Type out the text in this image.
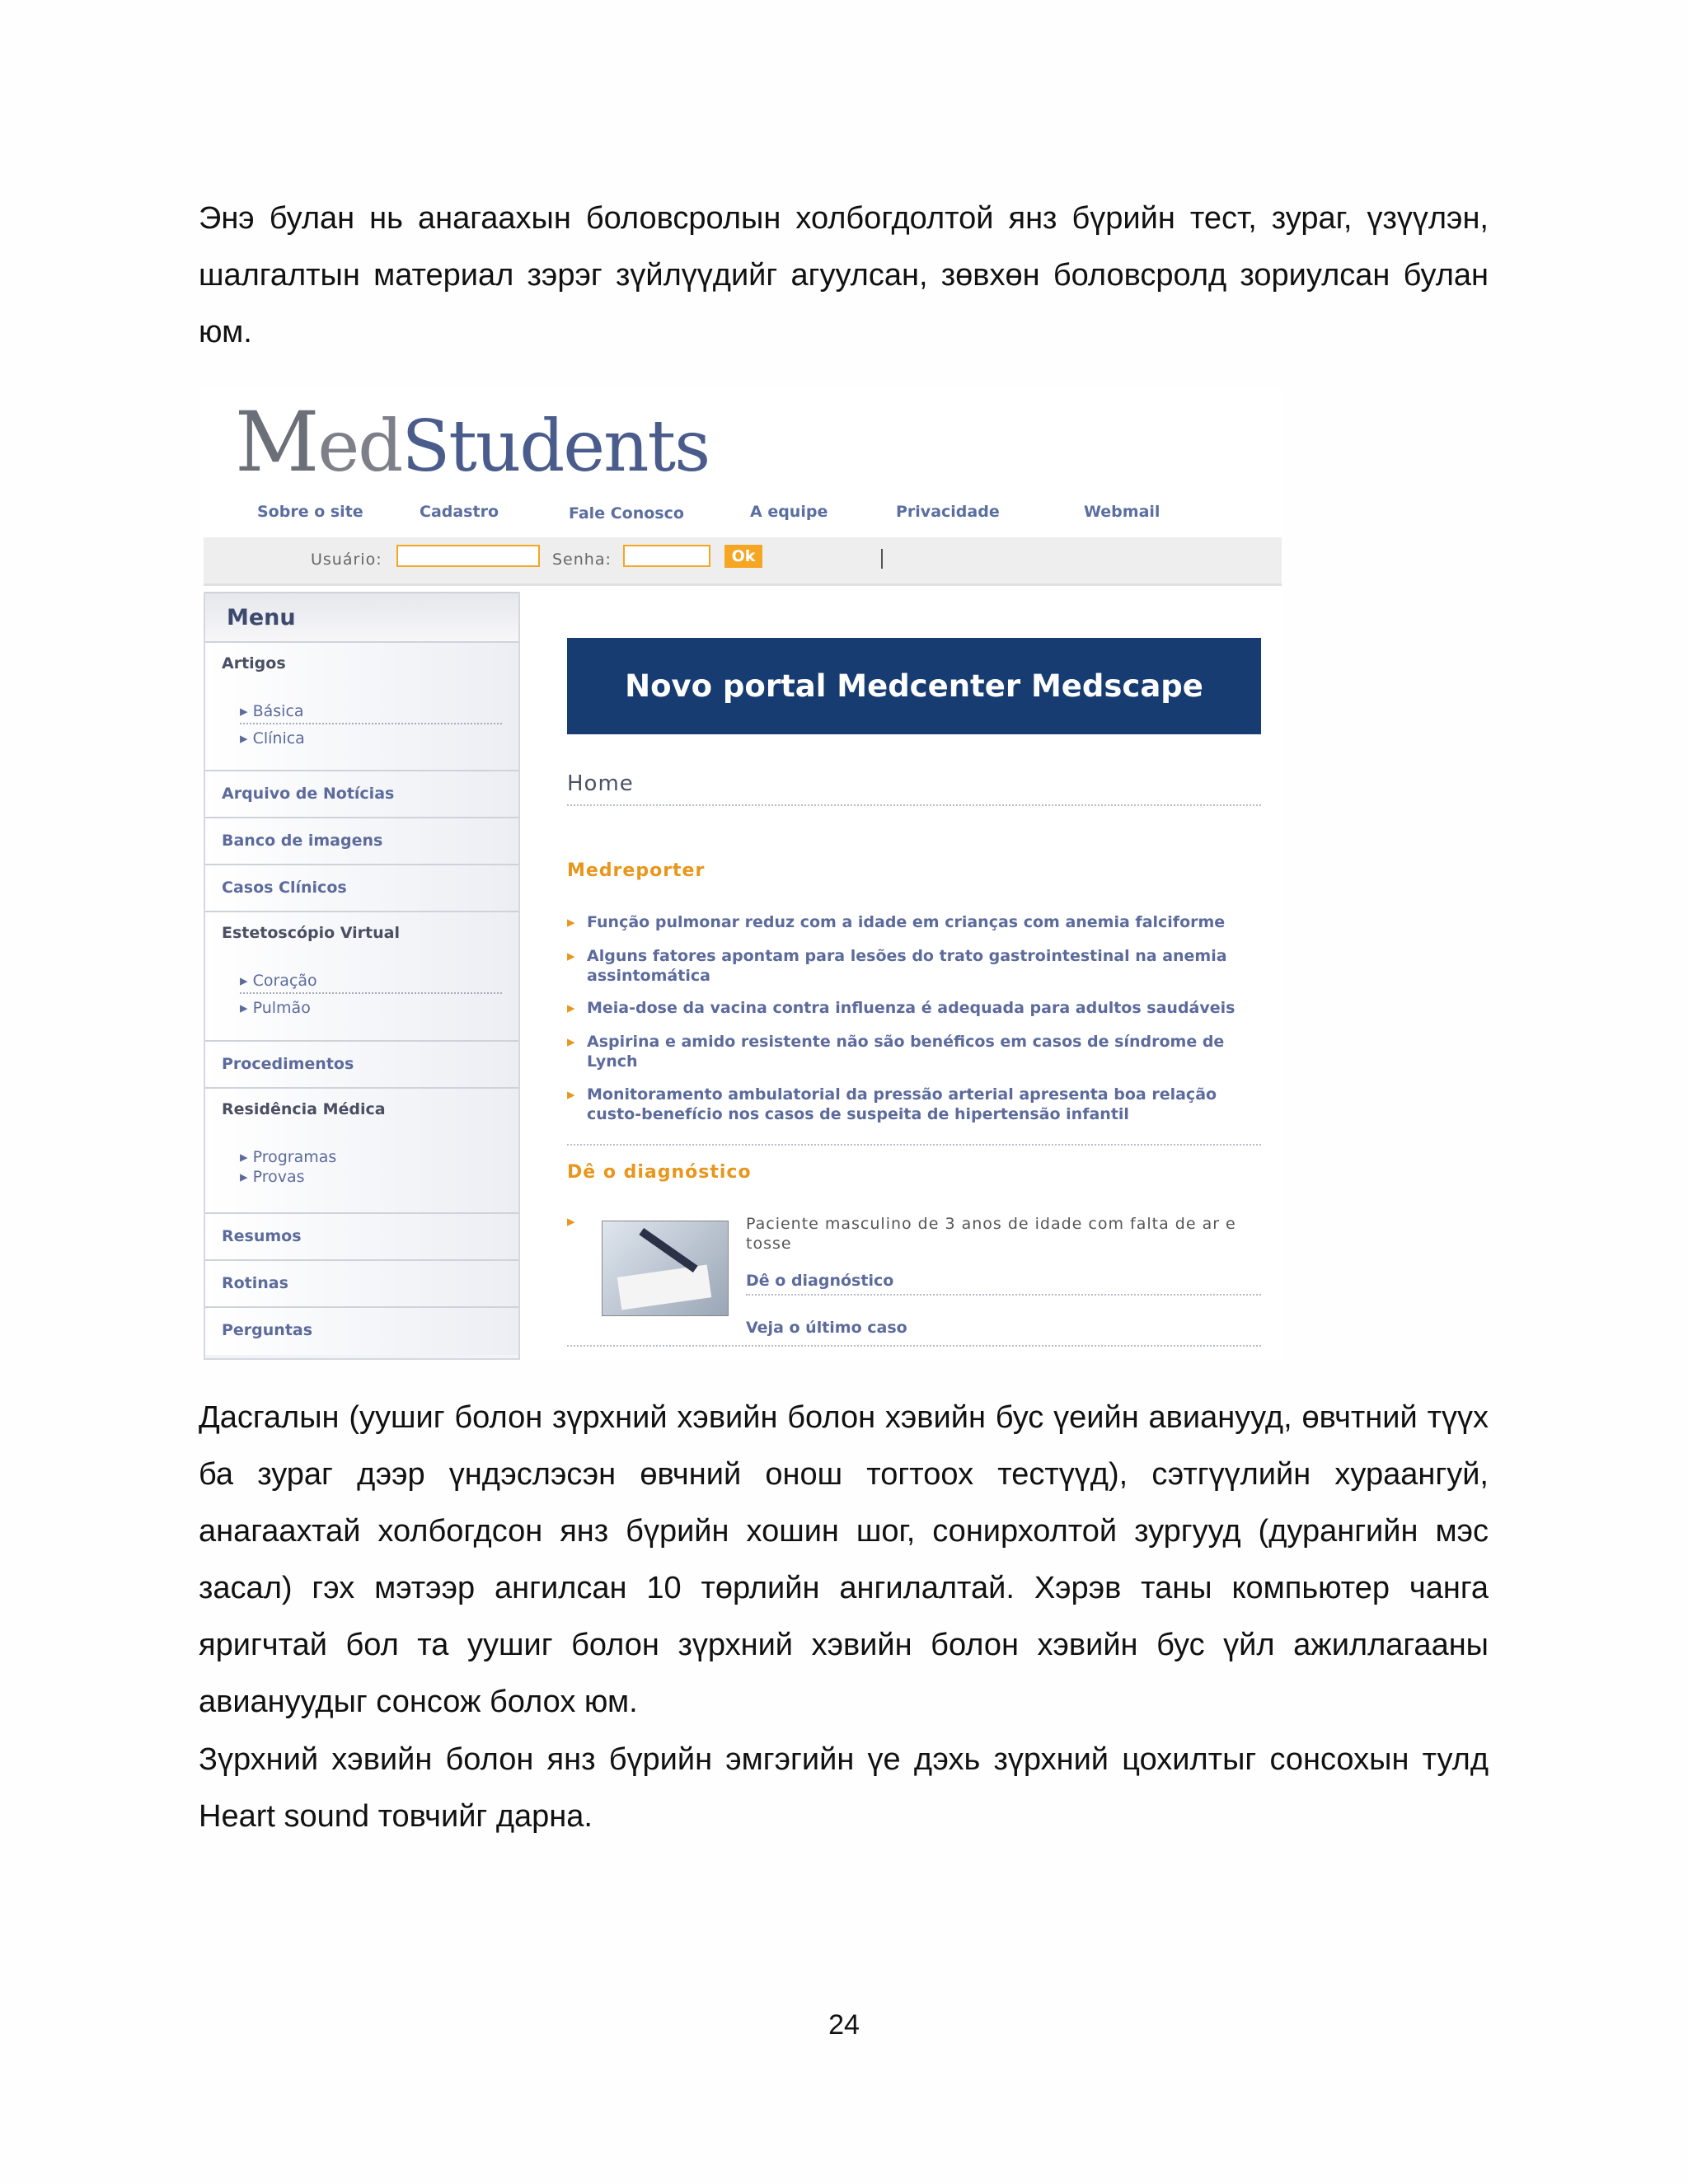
Энэ булан нь анагаахын боловсролын холбогдолтой янз бүрийн тест, зураг, үзүүлэн, шалгалтын материал зэрэг зүйлүүдийг агуулсан, зөвхөн боловсролд зориулсан булан юм.
MedStudents
Sobre o site	Cadastro	Fale Conosco	A equipe	Privacidade	Webmail
Usuário:	Senha:	Ok
Menu
Artigos
▸ Básica
▸ Clínica
Arquivo de Notícias
Banco de imagens
Casos Clínicos
Estetoscópio Virtual
▸ Coração
▸ Pulmão
Procedimentos
Residência Médica
▸ Programas
▸ Provas
Resumos
Rotinas
Perguntas
Novo portal Medcenter Medscape
Home
Medreporter
▸ Função pulmonar reduz com a idade em crianças com anemia falciforme
▸ Alguns fatores apontam para lesões do trato gastrointestinal na anemia assintomática
▸ Meia-dose da vacina contra influenza é adequada para adultos saudáveis
▸ Aspirina e amido resistente não são benéficos em casos de síndrome de Lynch
▸ Monitoramento ambulatorial da pressão arterial apresenta boa relação custo-benefício nos casos de suspeita de hipertensão infantil
Dê o diagnóstico
▸	Paciente masculino de 3 anos de idade com falta de ar e tosse
Dê o diagnóstico
Veja o último caso
Дасгалын (уушиг болон зүрхний хэвийн болон хэвийн бус үеийн авианууд, өвчтний түүх ба зураг дээр үндэслэсэн өвчний онош тогтоох тестүүд), сэтгүүлийн хураангуй, анагаахтай холбогдсон янз бүрийн хошин шог, сонирхолтой зургууд (дурангийн мэс засал) гэх мэтээр ангилсан 10 төрлийн ангилалтай. Хэрэв таны компьютер чанга яригчтай бол та уушиг болон зүрхний хэвийн болон хэвийн бус үйл ажиллагааны авиануудыг сонсож болох юм.
Зүрхний хэвийн болон янз бүрийн эмгэгийн үе дэхь зүрхний цохилтыг сонсохын тулд Heart sound товчийг дарна.
24
